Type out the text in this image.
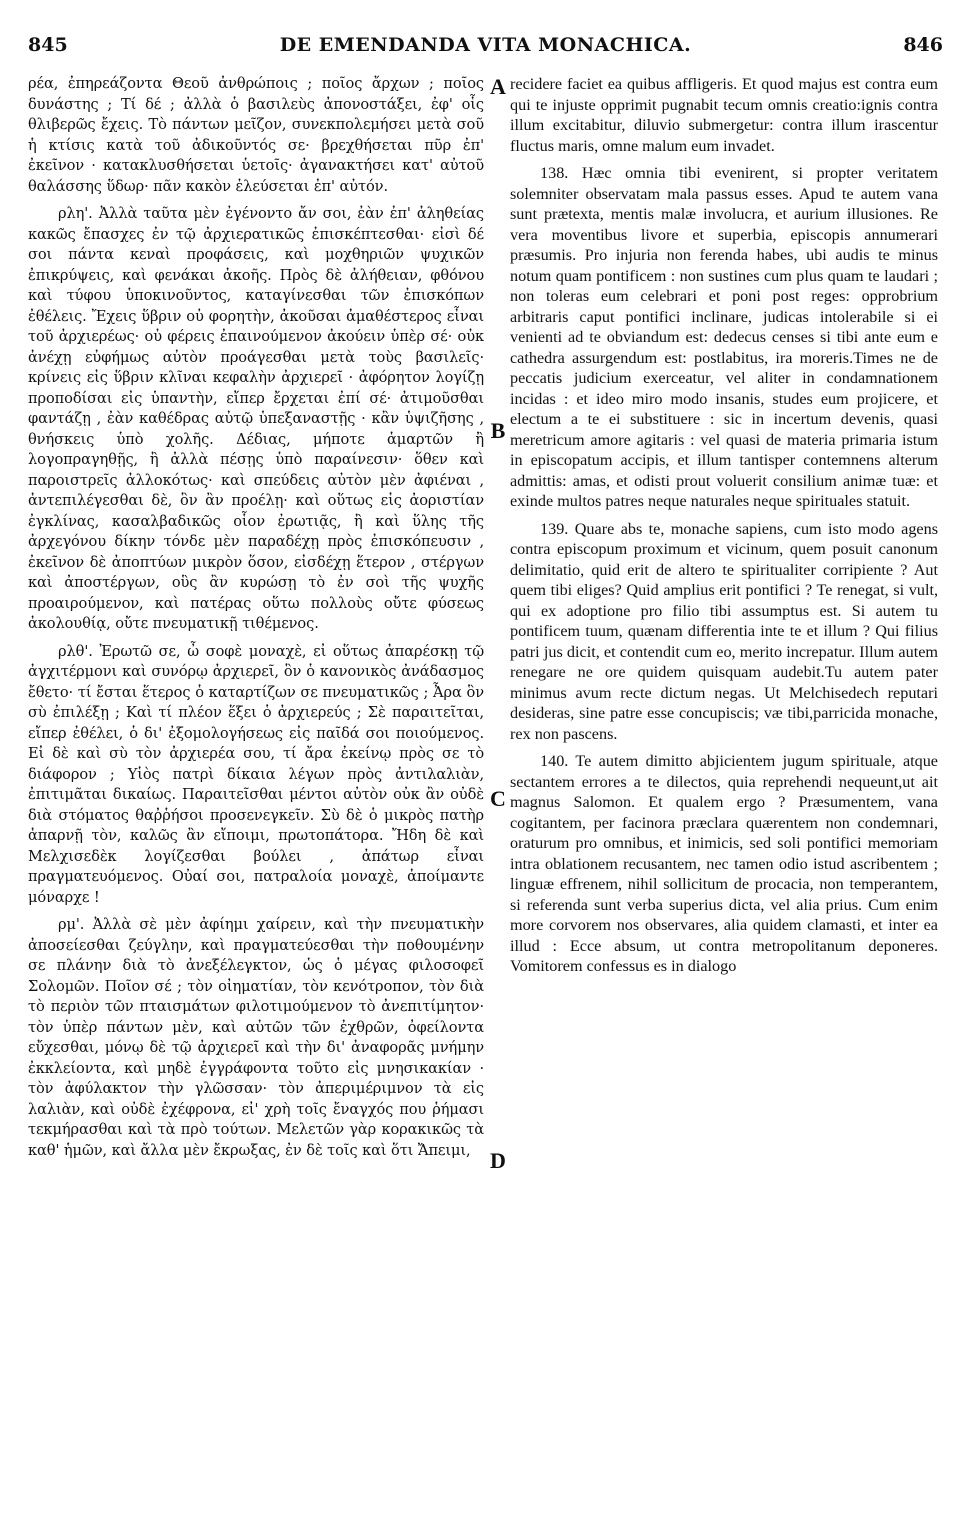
845	DE EMENDANDA VITA MONACHICA.	846

ρέα, ἐπηρεάζοντα Θεοῦ ἀνθρώποις ; ποῖος ἄρχων ; ποῖος δυνάστης ; Τί δέ ; ἀλλὰ ὁ βασιλεὺς ἀπονοστάξει, ἐφ' οἷς θλιβερῶς ἔχεις. Τὸ πάντων μεῖζον, συνεκπολεμήσει μετὰ σοῦ ἡ κτίσις κατὰ τοῦ ἀδικοῦντός σε· βρεχθήσεται πῦρ ἐπ' ἐκεῖνον · κατακλυσθήσεται ὑετοῖς· ἀγανακτήσει κατ' αὐτοῦ θαλάσσης ὕδωρ· πᾶν κακὸν ἐλεύσεται ἐπ' αὐτόν.

ρλη'. Ἀλλὰ ταῦτα μὲν ἐγένοντο ἄν σοι, ἐὰν ἐπ' ἀληθείας κακῶς ἔπασχες ἐν τῷ ἀρχιερατικῶς ἐπισκέπτεσθαι· εἰσὶ δέ σοι πάντα κεναὶ προφάσεις, καὶ μοχθηριῶν ψυχικῶν ἐπικρύψεις, καὶ φενάκαι ἀκοῆς. Πρὸς δὲ ἀλήθειαν, φθόνου καὶ τύφου ὑποκινοῦντος, καταγίνεσθαι τῶν ἐπισκόπων ἐθέλεις. Ἔχεις ὕβριν οὐ φορητὴν, ἀκοῦσαι ἀμαθέστερος εἶναι τοῦ ἀρχιερέως· οὐ φέρεις ἐπαινούμενον ἀκούειν ὑπὲρ σέ· οὐκ ἀνέχῃ εὐφήμως αὐτὸν προάγεσθαι μετὰ τοὺς βασιλεῖς· κρίνεις εἰς ὕβριν κλῖναι κεφαλὴν ἀρχιερεῖ · ἀφόρητον λογίζῃ προποδίσαι εἰς ὑπαντὴν, εἴπερ ἔρχεται ἐπί σέ· ἀτιμοῦσθαι φαντάζῃ , ἐὰν καθέδρας αὐτῷ ὑπεξαναστῇς · κἂν ὑψιζῆσης , θνήσκεις ὑπὸ χολῆς. Δέδιας, μήποτε ἁμαρτῶν ἢ λογοπραγηθῇς, ἢ ἀλλὰ πέσῃς ὑπὸ παραίνεσιν· ὅθεν καὶ παροιστρεῖς ἀλλοκότως· καὶ σπεύδεις αὐτὸν μὲν ἀφιέναι , ἀντεπιλέγεσθαι δὲ, ὃν ἂν προέλῃ· καὶ οὕτως εἰς ἀοριστίαν ἐγκλίνας, κασαλβαδικῶς οἷον ἐρωτιᾷς, ἢ καὶ ὕλης τῆς ἀρχεγόνου δίκην τόνδε μὲν παραδέχῃ πρὸς ἐπισκόπευσιν , ἐκεῖνον δὲ ἀποπτύων μικρὸν ὅσον, εἰσδέχῃ ἕτερον , στέργων καὶ ἀποστέργων, οὓς ἂν κυρώσῃ τὸ ἐν σοὶ τῆς ψυχῆς προαιρούμενον, καὶ πατέρας οὕτω πολλοὺς οὔτε φύσεως ἀκολουθίᾳ, οὔτε πνευματικῇ τιθέμενος.

ρλθ'. Ἐρωτῶ σε, ὦ σοφὲ μοναχὲ, εἰ οὕτως ἀπαρέσκῃ τῷ ἀγχιτέρμονι καὶ συνόρῳ ἀρχιερεῖ, ὃν ὁ κανονικὸς ἀνάδασμος ἔθετο· τί ἔσται ἕτερος ὁ καταρτίζων σε πνευματικῶς ; Ἆρα ὃν σὺ ἐπιλέξῃ ; Καὶ τί πλέον ἕξει ὁ ἀρχιερεύς ; Σὲ παραιτεῖται, εἴπερ ἐθέλει, ὁ δι' ἐξομολογήσεως εἰς παῖδά σοι ποιούμενος. Εἰ δὲ καὶ σὺ τὸν ἀρχιερέα σου, τί ἄρα ἐκείνῳ πρὸς σε τὸ διάφορον ; Υἱὸς πατρὶ δίκαια λέγων πρὸς ἀντιλαλιὰν, ἐπιτιμᾶται δικαίως. Παραιτεῖσθαι μέντοι αὐτὸν οὐκ ἂν οὐδὲ διὰ στόματος θαῤῥήσοι προσενεγκεῖν. Σὺ δὲ ὁ μικρὸς πατὴρ ἀπαρνῇ τὸν, καλῶς ἂν εἴποιμι, πρωτοπάτορα. Ἤδη δὲ καὶ Μελχισεδὲκ λογίζεσθαι βούλει , ἀπάτωρ εἶναι πραγματευόμενος. Οὐαί σοι, πατραλοία μοναχὲ, ἀποίμαντε μόναρχε !

ρμ'. Ἀλλὰ σὲ μὲν ἀφίημι χαίρειν, καὶ τὴν πνευματικὴν ἀποσείεσθαι ζεύγλην, καὶ πραγματεύεσθαι τὴν ποθουμένην σε πλάνην διὰ τὸ ἀνεξέλεγκτον, ὡς ὁ μέγας φιλοσοφεῖ Σολομῶν. Ποῖον σέ ; τὸν οἰηματίαν, τὸν κενότροπον, τὸν διὰ τὸ περιὸν τῶν πταισμάτων φιλοτιμούμενον τὸ ἀνεπιτίμητον· τὸν ὑπὲρ πάντων μὲν, καὶ αὐτῶν τῶν ἐχθρῶν, ὀφείλοντα εὔχεσθαι, μόνῳ δὲ τῷ ἀρχιερεῖ καὶ τὴν δι' ἀναφορᾶς μνήμην ἐκκλείοντα, καὶ μηδὲ ἐγγράφοντα τοῦτο εἰς μνησικακίαν · τὸν ἀφύλακτον τὴν γλῶσσαν· τὸν ἀπεριμέριμνον τὰ εἰς λαλιὰν, καὶ οὐδὲ ἐχέφρονα, εἰ' χρὴ τοῖς ἔναγχός που ῥήμασι τεκμήρασθαι καὶ τὰ πρὸ τούτων. Μελετῶν γὰρ κορακικῶς τὰ καθ' ἡμῶν, καὶ ἄλλα μὲν ἔκρωξας, ἐν δὲ τοῖς καὶ ὅτι Ἄπειμι,

A
B
C
D

recidere faciet ea quibus affligeris. Et quod majus est contra eum qui te injuste opprimit pugnabit tecum omnis creatio:ignis contra illum excitabitur, diluvio submergetur: contra illum irascentur fluctus maris, omne malum eum invadet.

138. Hæc omnia tibi evenirent, si propter veritatem solemniter observatam mala passus esses. Apud te autem vana sunt prætexta, mentis malæ involucra, et aurium illusiones. Re vera moventibus livore et superbia, episcopis annumerari præsumis. Pro injuria non ferenda habes, ubi audis te minus notum quam pontificem : non sustines cum plus quam te laudari ; non toleras eum celebrari et poni post reges: opprobrium arbitraris caput pontifici inclinare, judicas intolerabile si ei venienti ad te obviandum est: dedecus censes si tibi ante eum e cathedra assurgendum est: postlabitus, ira moreris.Times ne de peccatis judicium exerceatur, vel aliter in condamnationem incidas : et ideo miro modo insanis, studes eum projicere, et electum a te ei substituere : sic in incertum devenis, quasi meretricum amore agitaris : vel quasi de materia primaria istum in episcopatum accipis, et illum tantisper contemnens alterum admittis: amas, et odisti prout voluerit consilium animæ tuæ: et exinde multos patres neque naturales neque spirituales statuit.

139. Quare abs te, monache sapiens, cum isto modo agens contra episcopum proximum et vicinum, quem posuit canonum delimitatio, quid erit de altero te spiritualiter corripiente ? Aut quem tibi eliges? Quid amplius erit pontifici ? Te renegat, si vult, qui ex adoptione pro filio tibi assumptus est. Si autem tu pontificem tuum, quænam differentia inte te et illum ? Qui filius patri jus dicit, et contendit cum eo, merito increpatur. Illum autem renegare ne ore quidem quisquam audebit.Tu autem pater minimus avum recte dictum negas. Ut Melchisedech reputari desideras, sine patre esse concupiscis; væ tibi,parricida monache, rex non pascens.

140. Te autem dimitto abjicientem jugum spirituale, atque sectantem errores a te dilectos, quia reprehendi nequeunt,ut ait magnus Salomon. Et qualem ergo ? Præsumentem, vana cogitantem, per facinora præclara quærentem non condemnari, oraturum pro omnibus, et inimicis, sed soli pontifici memoriam intra oblationem recusantem, nec tamen odio istud ascribentem ; linguæ effrenem, nihil sollicitum de procacia, non temperantem, si referenda sunt verba superius dicta, vel alia prius. Cum enim more corvorem nos observares, alia quidem clamasti, et inter ea illud : Ecce absum, ut contra metropolitanum deponeres. Vomitorem confessus es in dialogo
